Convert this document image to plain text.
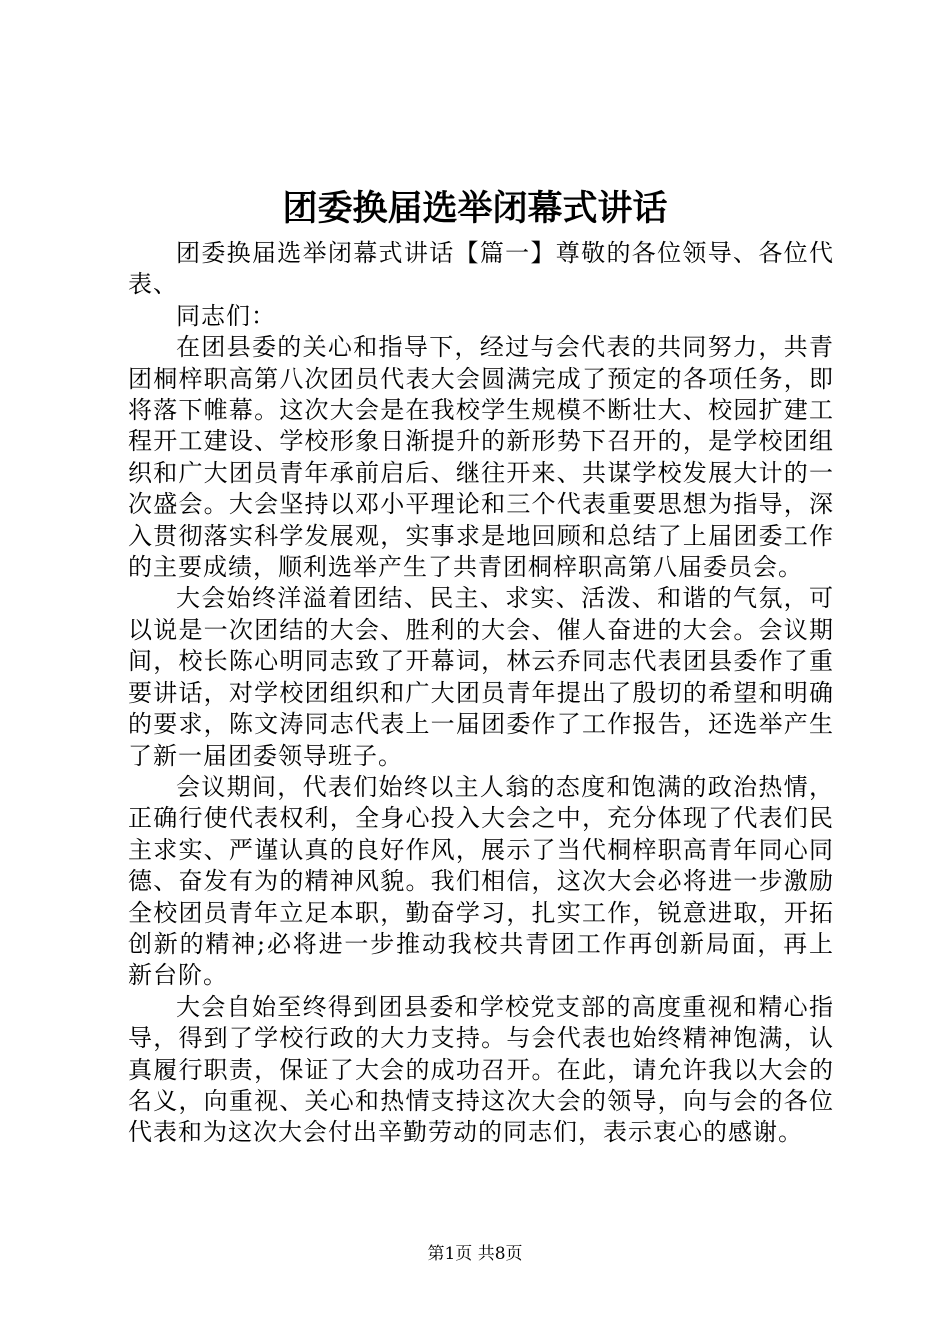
团委换届选举闭幕式讲话

团委换届选举闭幕式讲话【篇一】尊敬的各位领导、各位代表、

同志们：

在团县委的关心和指导下，经过与会代表的共同努力，共青团桐梓职高第八次团员代表大会圆满完成了预定的各项任务，即将落下帷幕。这次大会是在我校学生规模不断壮大、校园扩建工程开工建设、学校形象日渐提升的新形势下召开的，是学校团组织和广大团员青年承前启后、继往开来、共谋学校发展大计的一次盛会。大会坚持以邓小平理论和三个代表重要思想为指导，深入贯彻落实科学发展观，实事求是地回顾和总结了上届团委工作的主要成绩，顺利选举产生了共青团桐梓职高第八届委员会。

大会始终洋溢着团结、民主、求实、活泼、和谐的气氛，可以说是一次团结的大会、胜利的大会、催人奋进的大会。会议期间，校长陈心明同志致了开幕词，林云乔同志代表团县委作了重要讲话，对学校团组织和广大团员青年提出了殷切的希望和明确的要求，陈文涛同志代表上一届团委作了工作报告，还选举产生了新一届团委领导班子。

会议期间，代表们始终以主人翁的态度和饱满的政治热情，正确行使代表权利，全身心投入大会之中，充分体现了代表们民主求实、严谨认真的良好作风，展示了当代桐梓职高青年同心同德、奋发有为的精神风貌。我们相信，这次大会必将进一步激励全校团员青年立足本职，勤奋学习，扎实工作，锐意进取，开拓创新的精神;必将进一步推动我校共青团工作再创新局面，再上新台阶。

大会自始至终得到团县委和学校党支部的高度重视和精心指导，得到了学校行政的大力支持。与会代表也始终精神饱满，认真履行职责，保证了大会的成功召开。在此，请允许我以大会的名义，向重视、关心和热情支持这次大会的领导，向与会的各位代表和为这次大会付出辛勤劳动的同志们，表示衷心的感谢。

第1页 共8页
